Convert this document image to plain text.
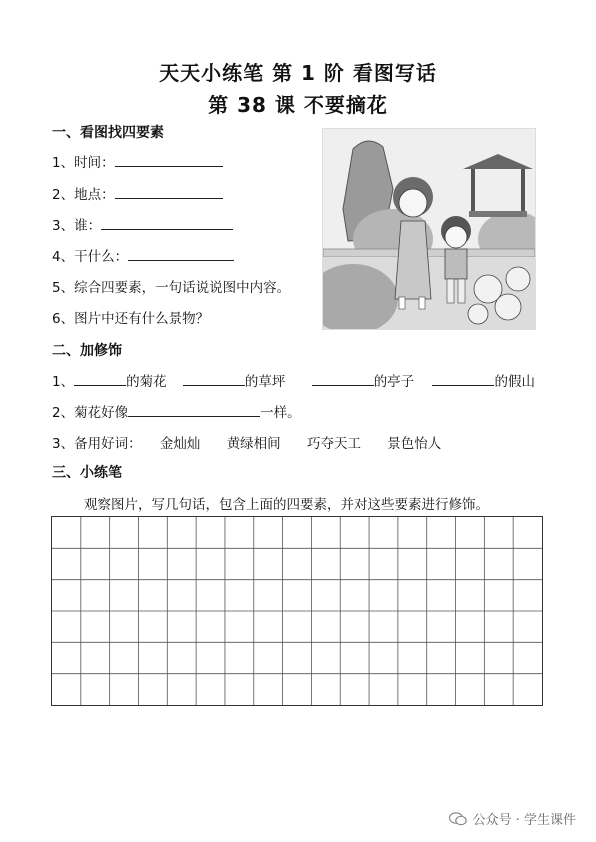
天天小练笔 第 1 阶 看图写话
第 38 课 不要摘花
一、看图找四要素
1、时间：
2、地点：
3、谁：
4、干什么：
5、综合四要素，一句话说说图中内容。
6、图片中还有什么景物？
二、加修饰
1、	的菊花	的草坪	的亭子	的假山
2、菊花好像	一样。
3、备用好词： 金灿灿 黄绿相间 巧夺天工 景色怡人
三、小练笔
观察图片，写几句话，包含上面的四要素，并对这些要素进行修饰。
公众号 · 学生课件
